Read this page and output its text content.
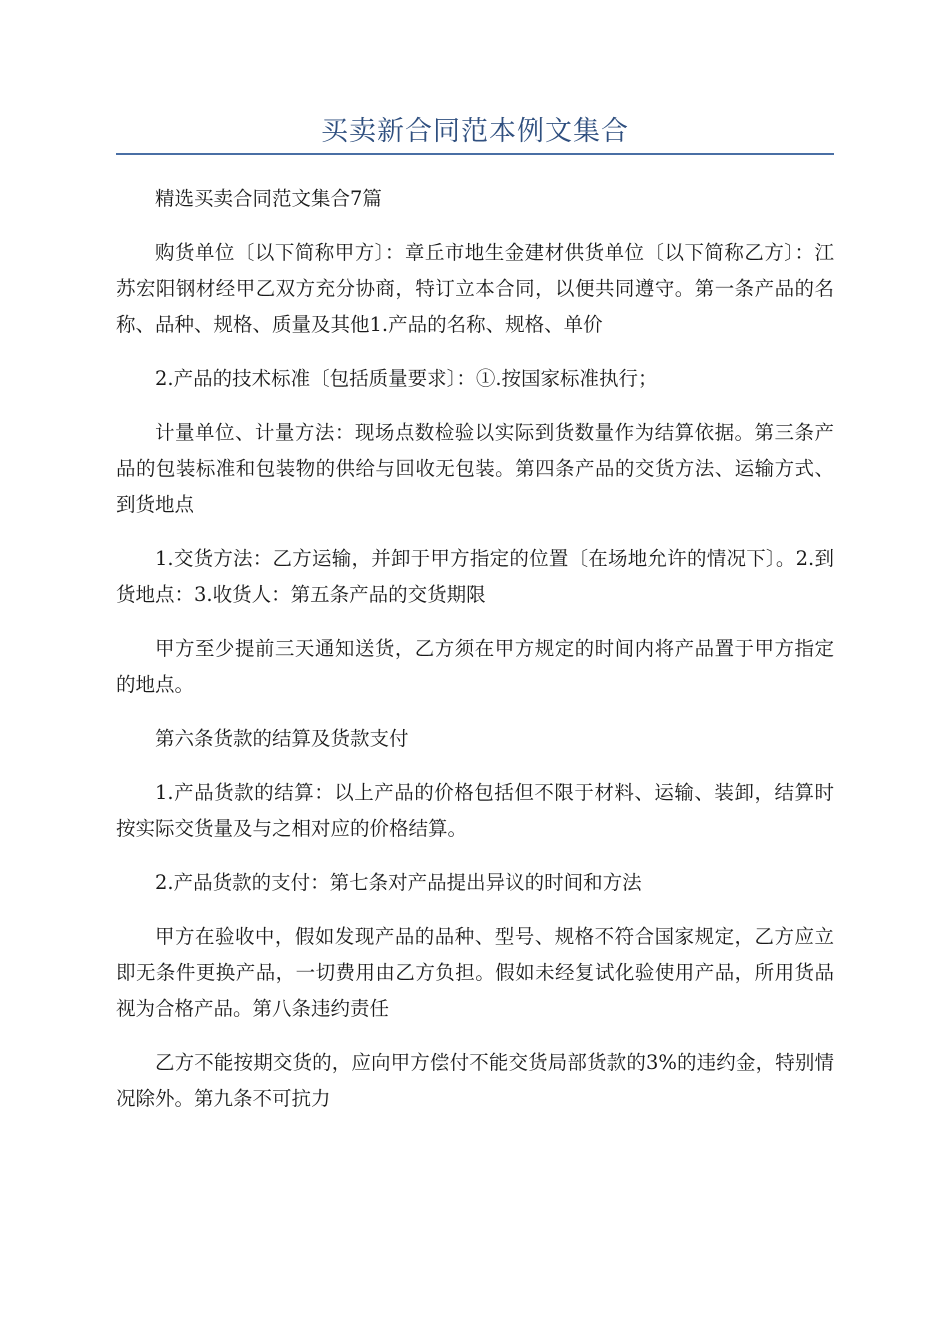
买卖新合同范本例文集合

精选买卖合同范文集合7篇

购货单位〔以下简称甲方〕：章丘市地生金建材供货单位〔以下简称乙方〕：江苏宏阳钢材经甲乙双方充分协商，特订立本合同，以便共同遵守。第一条产品的名称、品种、规格、质量及其他1.产品的名称、规格、单价

2.产品的技术标准〔包括质量要求〕：①.按国家标准执行；

计量单位、计量方法：现场点数检验以实际到货数量作为结算依据。第三条产品的包装标准和包装物的供给与回收无包装。第四条产品的交货方法、运输方式、到货地点

1.交货方法：乙方运输，并卸于甲方指定的位置〔在场地允许的情况下〕。2.到货地点：3.收货人：第五条产品的交货期限

甲方至少提前三天通知送货，乙方须在甲方规定的时间内将产品置于甲方指定的地点。

第六条货款的结算及货款支付

1.产品货款的结算：以上产品的价格包括但不限于材料、运输、装卸，结算时按实际交货量及与之相对应的价格结算。

2.产品货款的支付：第七条对产品提出异议的时间和方法

甲方在验收中，假如发现产品的品种、型号、规格不符合国家规定，乙方应立即无条件更换产品，一切费用由乙方负担。假如未经复试化验使用产品，所用货品视为合格产品。第八条违约责任

乙方不能按期交货的，应向甲方偿付不能交货局部货款的3%的违约金，特别情况除外。第九条不可抗力
